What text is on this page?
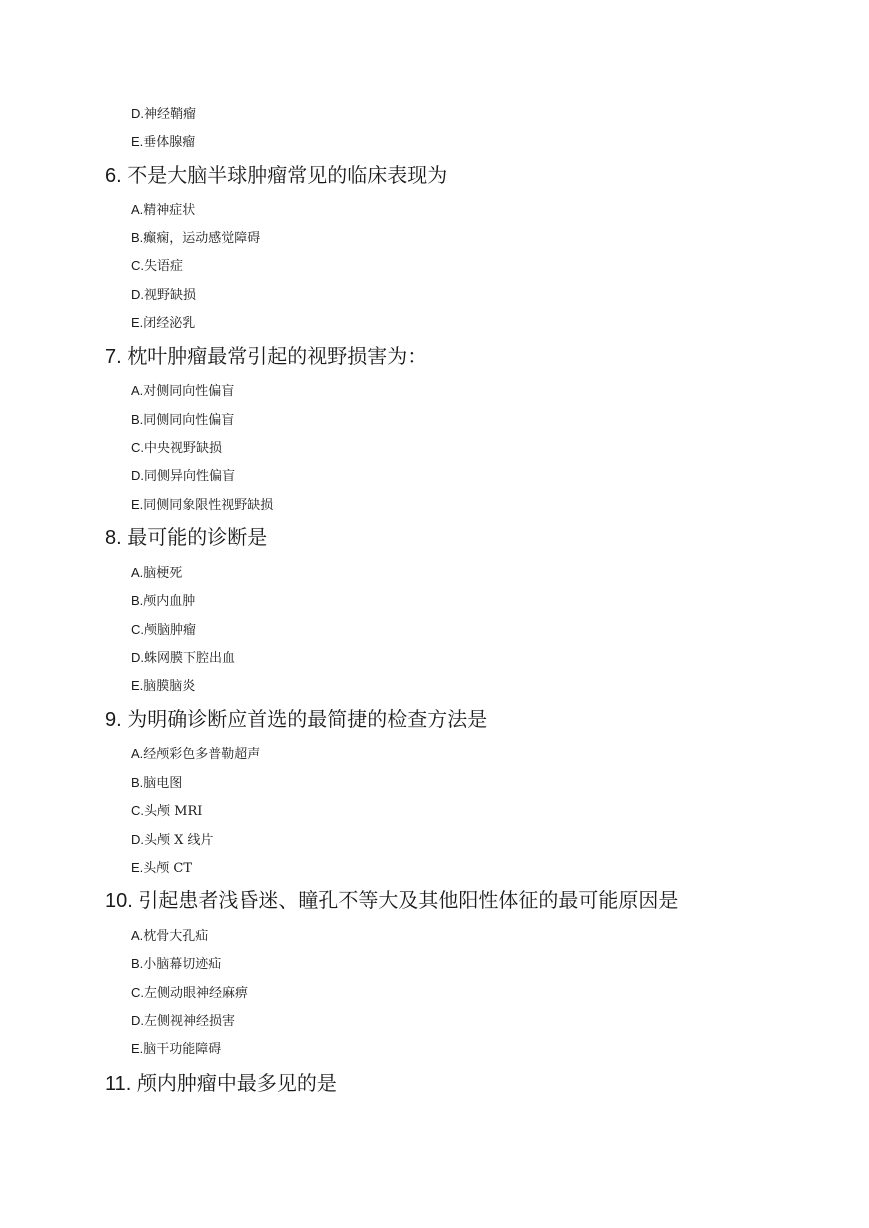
D.神经鞘瘤
E.垂体腺瘤
6. 不是大脑半球肿瘤常见的临床表现为
A.精神症状
B.癫痫，运动感觉障碍
C.失语症
D.视野缺损
E.闭经泌乳
7. 枕叶肿瘤最常引起的视野损害为：
A.对侧同向性偏盲
B.同侧同向性偏盲
C.中央视野缺损
D.同侧异向性偏盲
E.同侧同象限性视野缺损
8. 最可能的诊断是
A.脑梗死
B.颅内血肿
C.颅脑肿瘤
D.蛛网膜下腔出血
E.脑膜脑炎
9. 为明确诊断应首选的最简捷的检查方法是
A.经颅彩色多普勒超声
B.脑电图
C.头颅 MRI
D.头颅 X 线片
E.头颅 CT
10. 引起患者浅昏迷、瞳孔不等大及其他阳性体征的最可能原因是
A.枕骨大孔疝
B.小脑幕切迹疝
C.左侧动眼神经麻痹
D.左侧视神经损害
E.脑干功能障碍
11. 颅内肿瘤中最多见的是
